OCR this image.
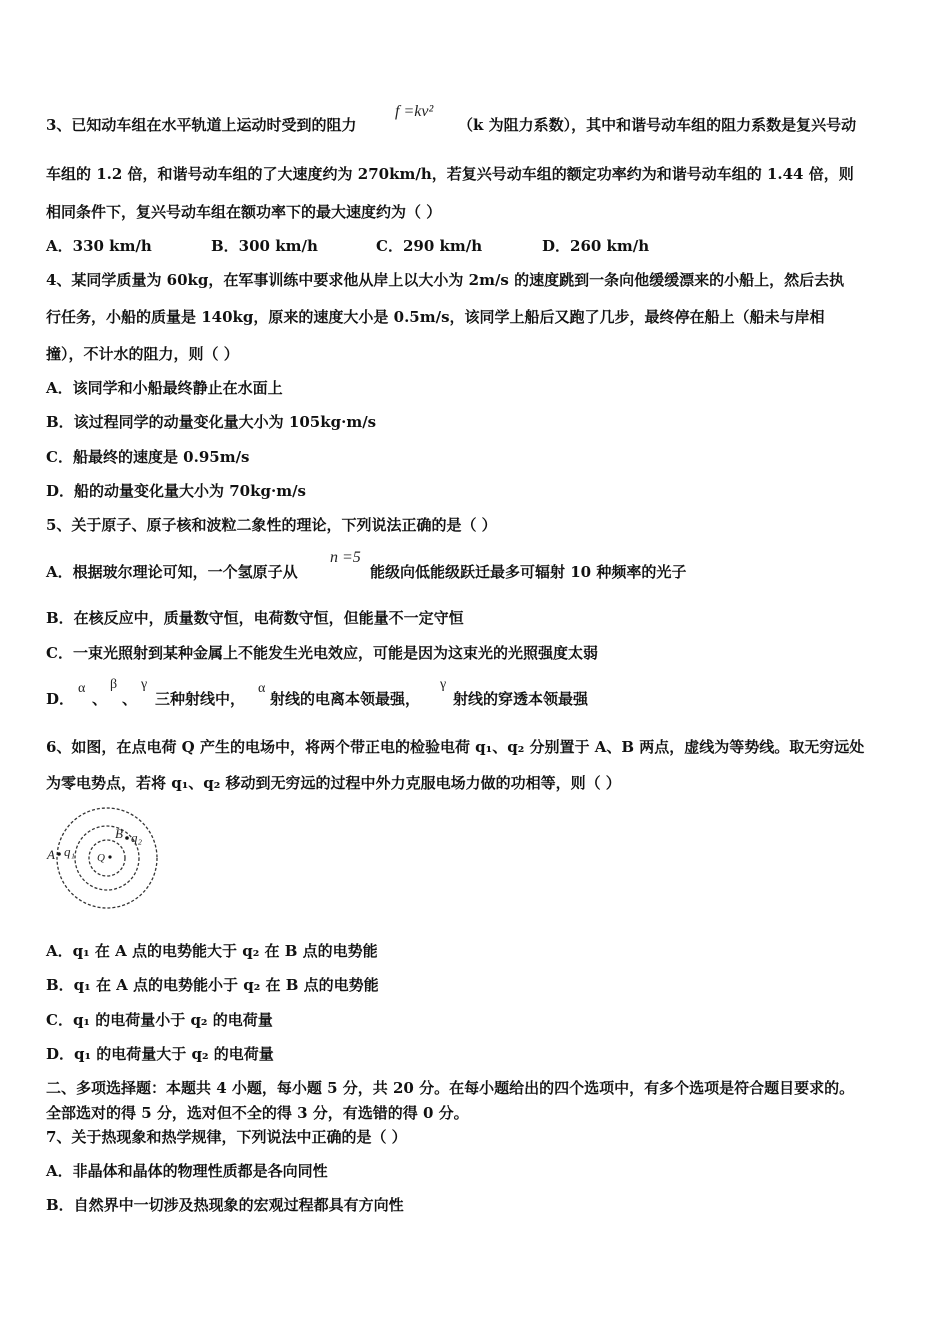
3、已知动车组在水平轨道上运动时受到的阻力
f =kv²
（k 为阻力系数），其中和谐号动车组的阻力系数是复兴号动
车组的 1.2 倍，和谐号动车组的了大速度约为 270km/h，若复兴号动车组的额定功率约为和谐号动车组的 1.44 倍，则
相同条件下，复兴号动车组在额功率下的最大速度约为（ ）
A．330 km/h	B．300 km/h	C．290 km/h	D．260 km/h
4、某同学质量为 60kg，在军事训练中要求他从岸上以大小为 2m/s 的速度跳到一条向他缓缓漂来的小船上，然后去执
行任务，小船的质量是 140kg，原来的速度大小是 0.5m/s，该同学上船后又跑了几步，最终停在船上（船未与岸相
撞），不计水的阻力，则（ ）
A．该同学和小船最终静止在水面上
B．该过程同学的动量变化量大小为 105kg·m/s
C．船最终的速度是 0.95m/s
D．船的动量变化量大小为 70kg·m/s
5、关于原子、原子核和波粒二象性的理论，下列说法正确的是（ ）
A．根据玻尔理论可知，一个氢原子从
n =5
能级向低能级跃迁最多可辐射 10 种频率的光子
B．在核反应中，质量数守恒，电荷数守恒，但能量不一定守恒
C．一束光照射到某种金属上不能发生光电效应，可能是因为这束光的光照强度太弱
D．
α
、
β
、
γ
三种射线中，
α
射线的电离本领最强，
γ
射线的穿透本领最强
6、如图，在点电荷 Q 产生的电场中，将两个带正电的检验电荷 q₁、q₂ 分别置于 A、B 两点，虚线为等势线。取无穷远处
为零电势点，若将 q₁、q₂ 移动到无穷远的过程中外力克服电场力做的功相等，则（ ）
A q₁ Q
B q₂
A．q₁ 在 A 点的电势能大于 q₂ 在 B 点的电势能
B．q₁ 在 A 点的电势能小于 q₂ 在 B 点的电势能
C．q₁ 的电荷量小于 q₂ 的电荷量
D．q₁ 的电荷量大于 q₂ 的电荷量
二、多项选择题：本题共 4 小题，每小题 5 分，共 20 分。在每小题给出的四个选项中，有多个选项是符合题目要求的。
全部选对的得 5 分，选对但不全的得 3 分，有选错的得 0 分。
7、关于热现象和热学规律，下列说法中正确的是（ ）
A．非晶体和晶体的物理性质都是各向同性
B．自然界中一切涉及热现象的宏观过程都具有方向性
